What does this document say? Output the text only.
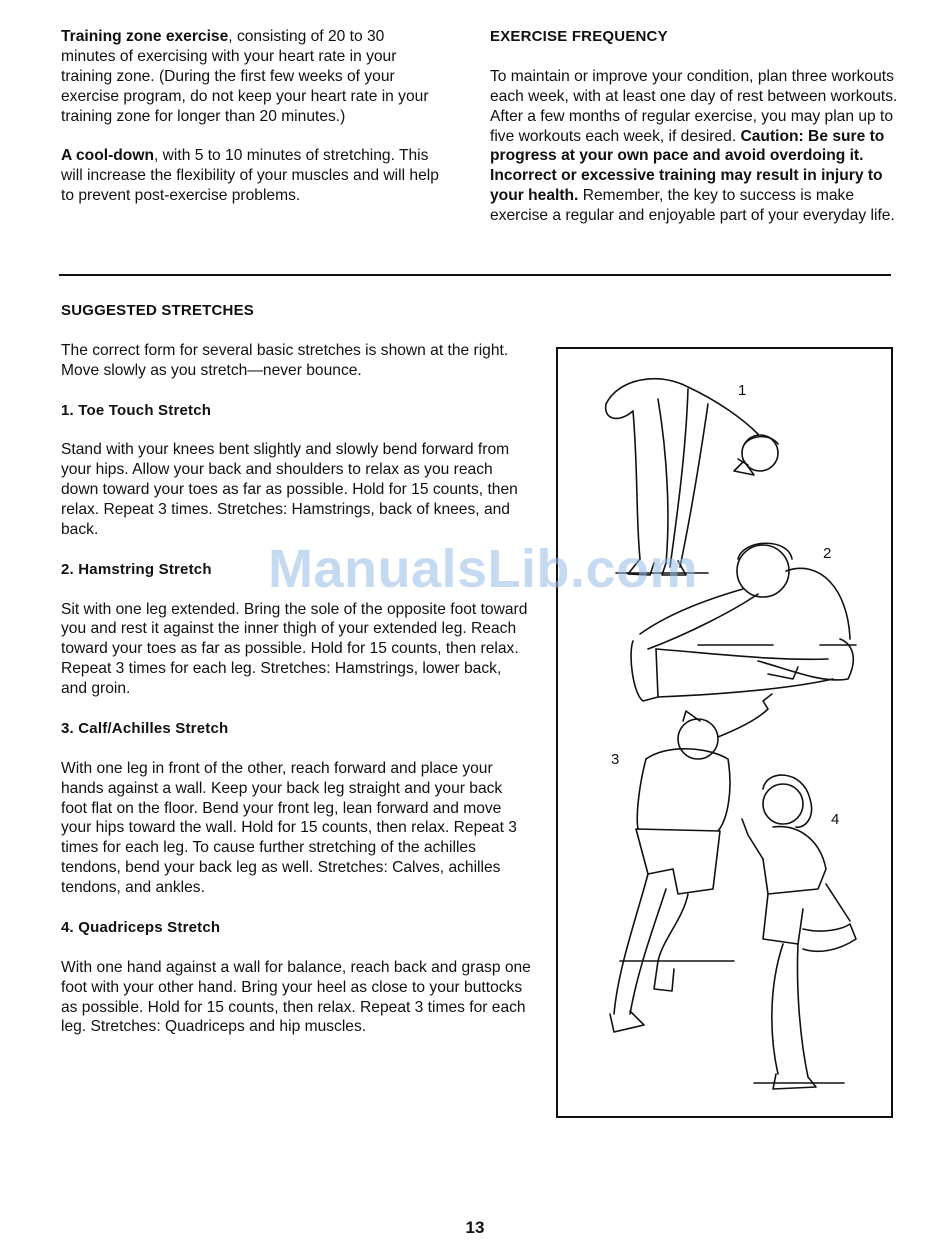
Training zone exercise, consisting of 20 to 30 minutes of exercising with your heart rate in your training zone. (During the first few weeks of your exercise program, do not keep your heart rate in your training zone for longer than 20 minutes.)

A cool-down, with 5 to 10 minutes of stretching. This will increase the flexibility of your muscles and will help to prevent post-exercise problems.

EXERCISE FREQUENCY

To maintain or improve your condition, plan three workouts each week, with at least one day of rest between workouts. After a few months of regular exercise, you may plan up to five workouts each week, if desired. Caution: Be sure to progress at your own pace and avoid overdoing it. Incorrect or excessive training may result in injury to your health. Remember, the key to success is make exercise a regular and enjoyable part of your everyday life.

SUGGESTED STRETCHES

The correct form for several basic stretches is shown at the right. Move slowly as you stretch—never bounce.

1. Toe Touch Stretch

Stand with your knees bent slightly and slowly bend forward from your hips. Allow your back and shoulders to relax as you reach down toward your toes as far as possible. Hold for 15 counts, then relax. Repeat 3 times. Stretches: Hamstrings, back of knees, and back.

2. Hamstring Stretch

Sit with one leg extended. Bring the sole of the opposite foot toward you and rest it against the inner thigh of your extended leg. Reach toward your toes as far as possible. Hold for 15 counts, then relax. Repeat 3 times for each leg. Stretches: Hamstrings, lower back, and groin.

3. Calf/Achilles Stretch

With one leg in front of the other, reach forward and place your hands against a wall. Keep your back leg straight and your back foot flat on the floor. Bend your front leg, lean forward and move your hips toward the wall. Hold for 15 counts, then relax. Repeat 3 times for each leg. To cause further stretching of the achilles tendons, bend your back leg as well. Stretches: Calves, achilles tendons, and ankles.

4. Quadriceps Stretch

With one hand against a wall for balance, reach back and grasp one foot with your other hand. Bring your heel as close to your buttocks as possible. Hold for 15 counts, then relax. Repeat 3 times for each leg. Stretches: Quadriceps and hip muscles.

1
2
3
4
ManualsLib.com
13
